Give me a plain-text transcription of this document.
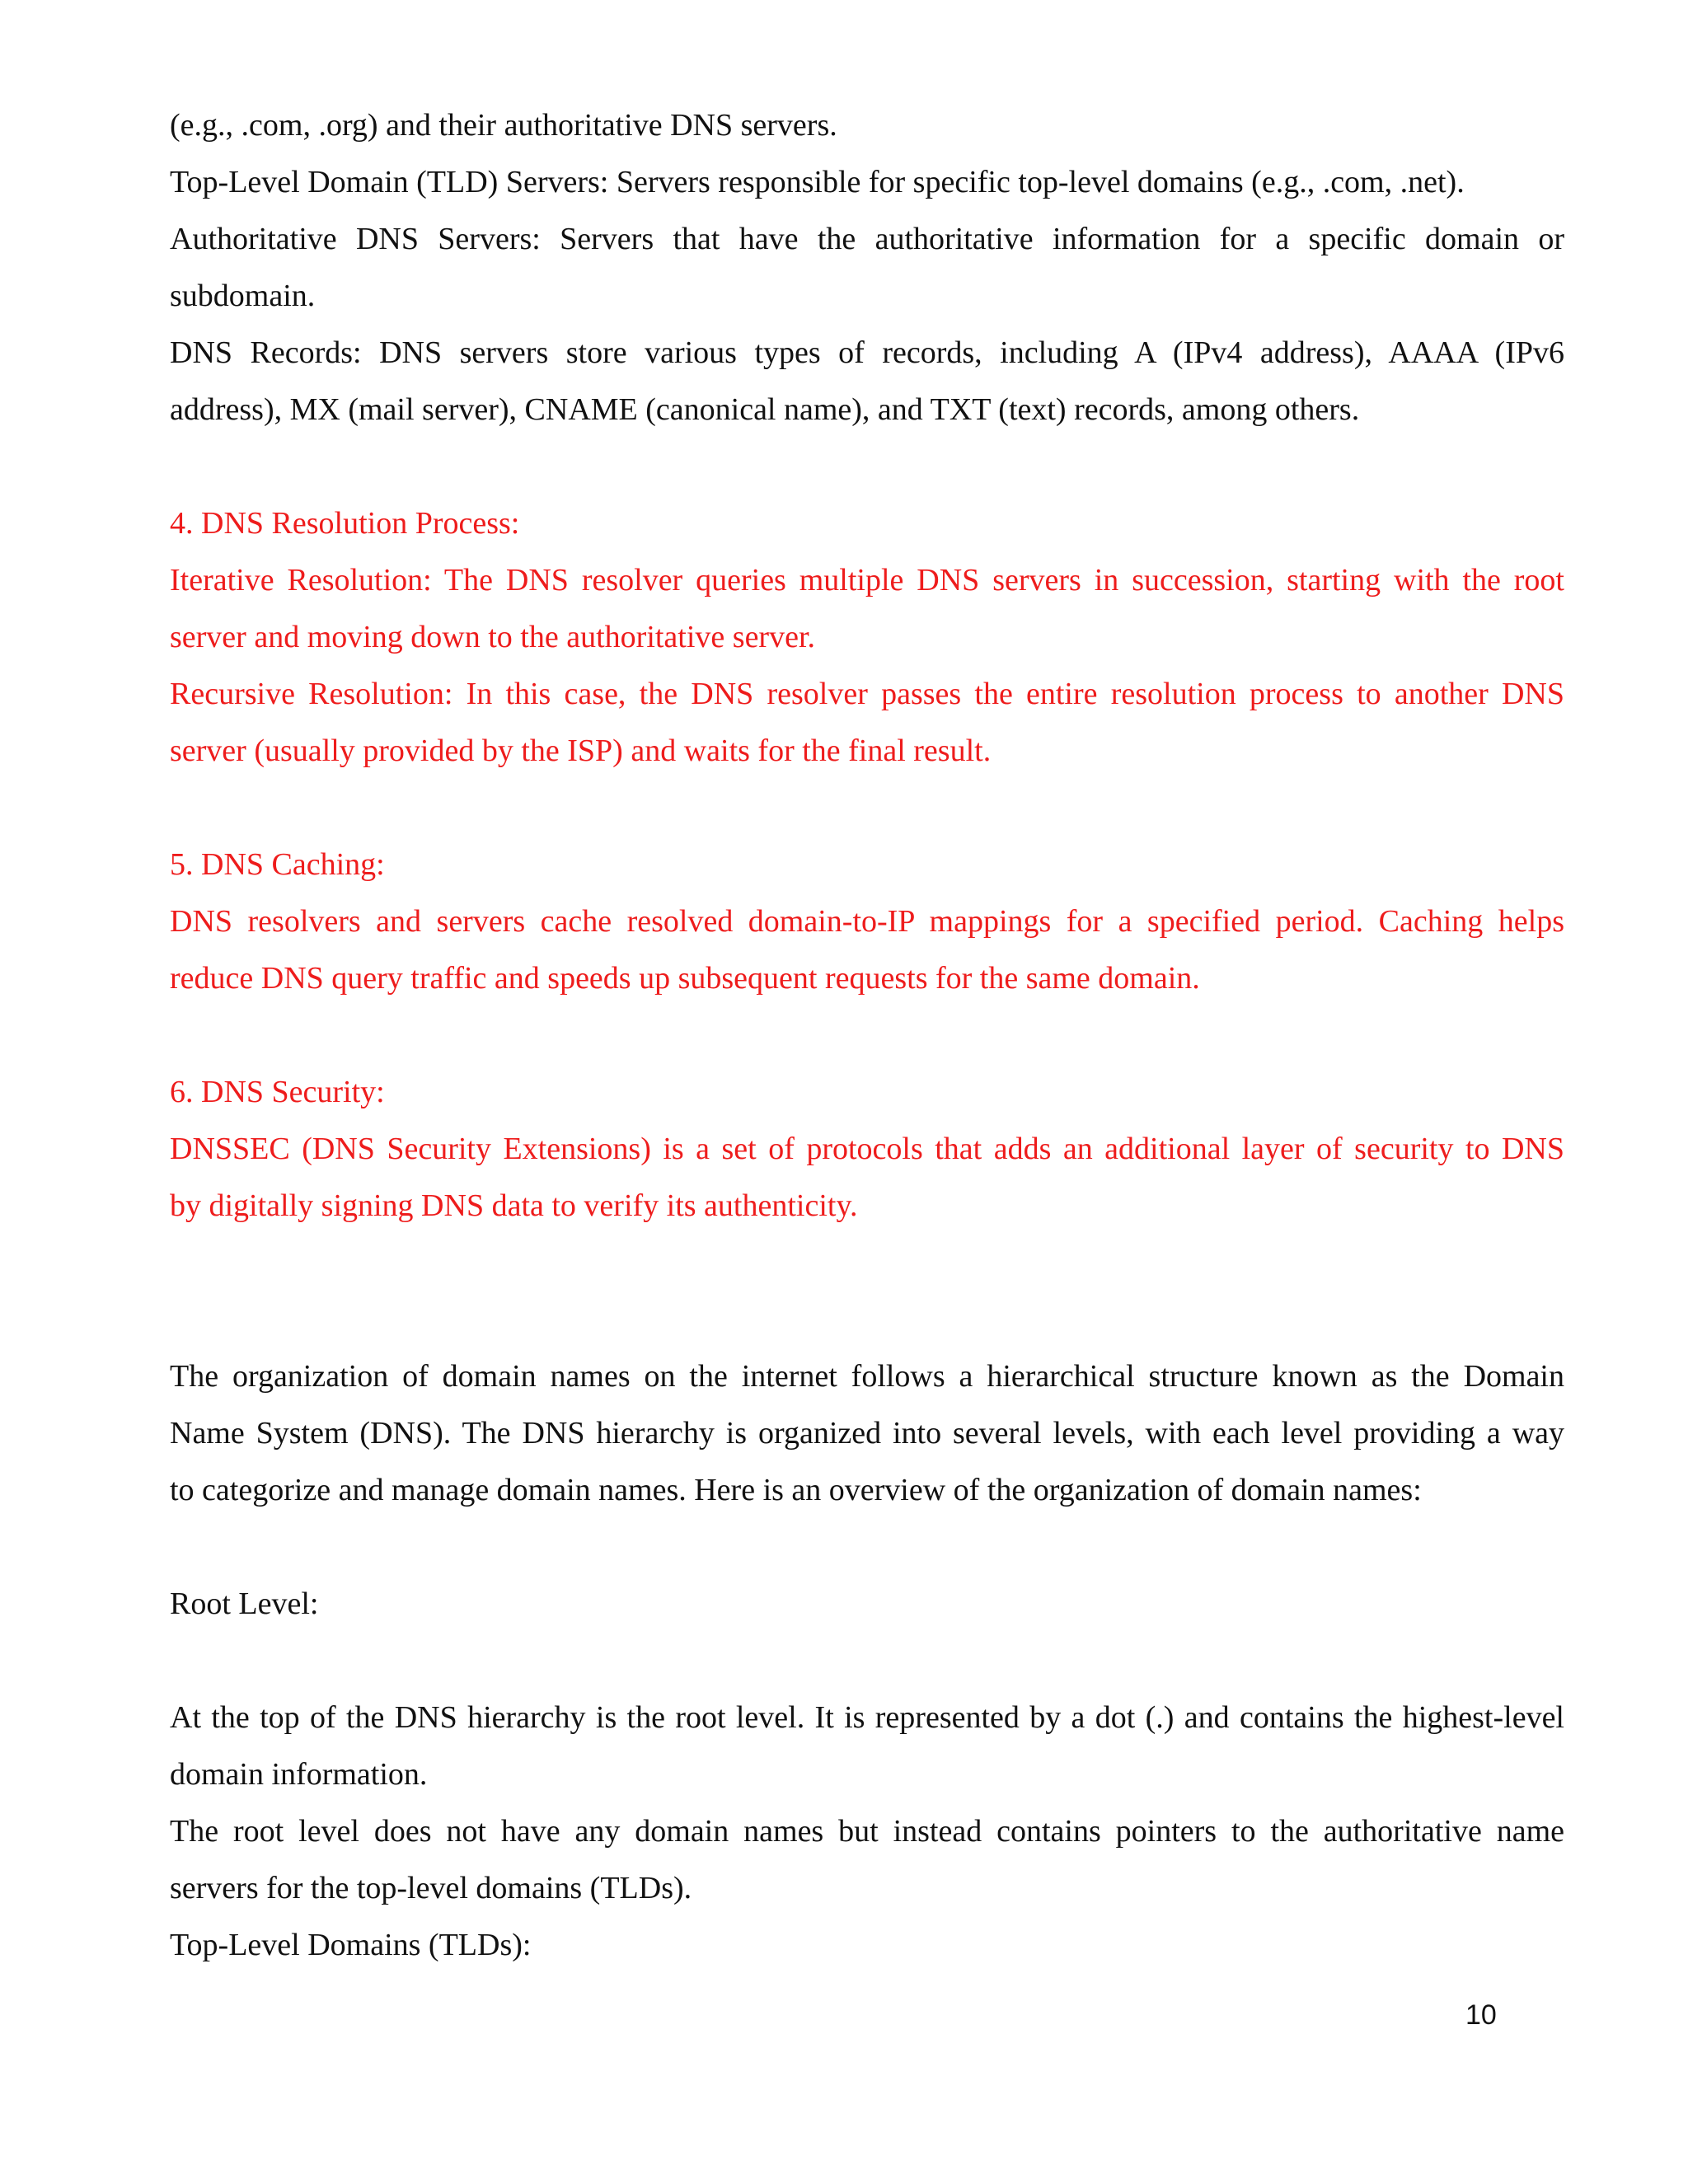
(e.g., .com, .org) and their authoritative DNS servers.
Top-Level Domain (TLD) Servers: Servers responsible for specific top-level domains (e.g., .com, .net).
Authoritative DNS Servers: Servers that have the authoritative information for a specific domain or
subdomain.
DNS Records: DNS servers store various types of records, including A (IPv4 address), AAAA (IPv6
address), MX (mail server), CNAME (canonical name), and TXT (text) records, among others.
4. DNS Resolution Process:
Iterative Resolution: The DNS resolver queries multiple DNS servers in succession, starting with the root
server and moving down to the authoritative server.
Recursive Resolution: In this case, the DNS resolver passes the entire resolution process to another DNS
server (usually provided by the ISP) and waits for the final result.
5. DNS Caching:
DNS resolvers and servers cache resolved domain-to-IP mappings for a specified period. Caching helps
reduce DNS query traffic and speeds up subsequent requests for the same domain.
6. DNS Security:
DNSSEC (DNS Security Extensions) is a set of protocols that adds an additional layer of security to DNS
by digitally signing DNS data to verify its authenticity.
The organization of domain names on the internet follows a hierarchical structure known as the Domain
Name System (DNS). The DNS hierarchy is organized into several levels, with each level providing a way
to categorize and manage domain names. Here is an overview of the organization of domain names:
Root Level:
At the top of the DNS hierarchy is the root level. It is represented by a dot (.) and contains the highest-level
domain information.
The root level does not have any domain names but instead contains pointers to the authoritative name
servers for the top-level domains (TLDs).
Top-Level Domains (TLDs):
10
